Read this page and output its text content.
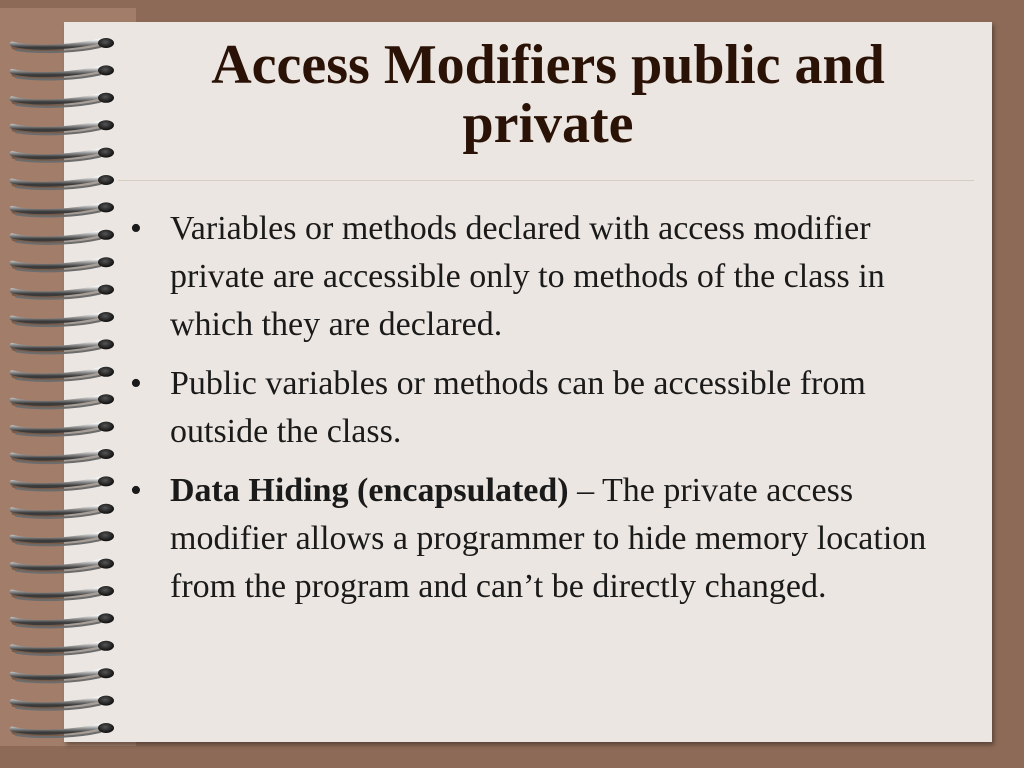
Access Modifiers public and private
• Variables or methods declared with access modifier private are accessible only to methods of the class in which they are declared.
• Public variables or methods can be accessible from outside the class.
• Data Hiding (encapsulated) – The private access modifier allows a programmer to hide memory location from the program and can’t be directly changed.
